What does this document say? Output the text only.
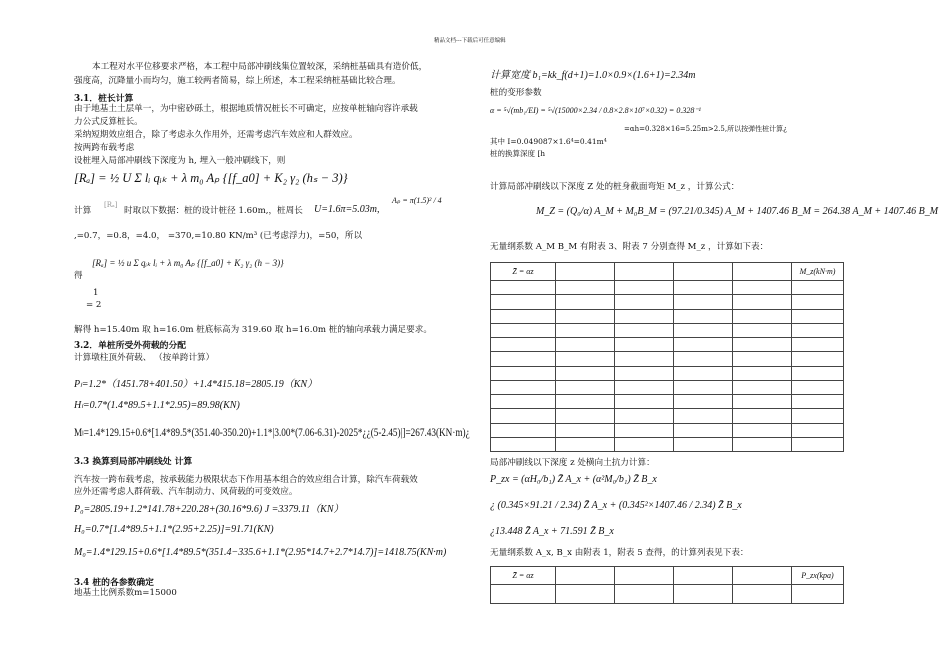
精品文档---下载后可任意编辑
本工程对水平位移要求严格，本工程中局部冲刷线集位置较深，采纳桩基础具有造价低，
强度高，沉降量小而均匀，施工较两者简易，综上所述，本工程采纳桩基础比较合理。
3.1．桩长计算
由于地基土土层单一，为中密砂砾土，根据地质情况桩长不可确定，应按单桩轴向容许承载
力公式反算桩长。
采纳短期效应组合，除了考虑永久作用外，还需考虑汽车效应和人群效应。
按两跨布载考虑
设桩埋入局部冲刷线下深度为 h, 埋入一般冲刷线下，则
[Rₐ] = ½ U Σ lᵢ qᵢₖ + λ m₀ Aₚ {[f_a0] + K₂ γ₂ (hₛ − 3)}
计算
[Rₐ]
时取以下数据：桩的设计桩径 1.60m,，桩周长 U=1.6π=5.03m,
Aₚ = π(1.5)² / 4
,=0.7，=0.8，=4.0， =370,=10.80 KN/m³ (已考虑浮力)，=50，所以
[Rₐ] = ½ u Σ qᵢₖ lᵢ + λ m₀ Aₚ {[f_a0] + K₂ γ₂ (h − 3)}
得
1
= 2
解得 h=15.40m 取 h=16.0m 桩底标高为 319.60 取 h=16.0m 桩的轴向承载力满足要求。
3.2．单桩所受外荷载的分配
计算墩柱顶外荷载、 （按单跨计算）
Pₗ=1.2*（1451.78+401.50）+1.4*415.18=2805.19（KN）
Hₗ=0.7*(1.4*89.5+1.1*2.95)=89.98(KN)
Mₗ=1.4*129.15+0.6*[1.4*89.5*(351.40-350.20)+1.1*|3.00*(7.06-6.31)-2025*¿¿(5-2.45)|]=267.43(KN·m)¿
3.3 换算到局部冲刷线处 计算
汽车按一跨布载考虑，按承载能力极限状态下作用基本组合的效应组合计算，除汽车荷载效
应外还需考虑人群荷载、汽车制动力、风荷载的可变效应。
P₀=2805.19+1.2*141.78+220.28+(30.16*9.6) J =3379.11（KN）
H₀=0.7*[1.4*89.5+1.1*(2.95+2.25)]=91.71(KN)
M₀=1.4*129.15+0.6*[1.4*89.5*(351.4−335.6+1.1*(2.95*14.7+2.7*14.7)]=1418.75(KN·m)
3.4 桩的各参数确定
地基土比例系数m=15000
计算宽度 b₁=kk_f(d+1)=1.0×0.9×(1.6+1)=2.34m
桩的变形参数
α = ⁵√(mb₁/EI) = ⁵√(15000×2.34 / 0.8×2.8×10⁷×0.32) = 0.328⁻¹
=αh=0.328×16=5.25m>2.5,所以按弹性桩计算¿
其中 I=0.049087×1.6⁴=0.41m⁴
桩的换算深度 [h
计算局部冲刷线以下深度 Z 处的桩身截面弯矩 M_z ，计算公式：
M_Z = (Q₀/α) A_M + M₀B_M = (97.21/0.345) A_M + 1407.46 B_M = 264.38 A_M + 1407.46 B_M
无量纲系数 A_M B_M 有附表 3、附表 7 分别查得 M_z ，计算如下表：
Z̄ = αz					M_z(kN·m)

局部冲刷线以下深度 z 处横向土抗力计算：
P_zx = (αH₀/b₁) Z̄ A_x + (α²M₀/b₁) Z̄ B_x
¿ (0.345×91.21 / 2.34) Z̄ A_x + (0.345²×1407.46 / 2.34) Z̄ B_x
¿13.448 Z̄ A_x + 71.591 Z̄ B_x
无量纲系数 A_x, B_x 由附表 1，附表 5 查得，的计算列表见下表：
Z̄ = αz					P_zx(kpa)
